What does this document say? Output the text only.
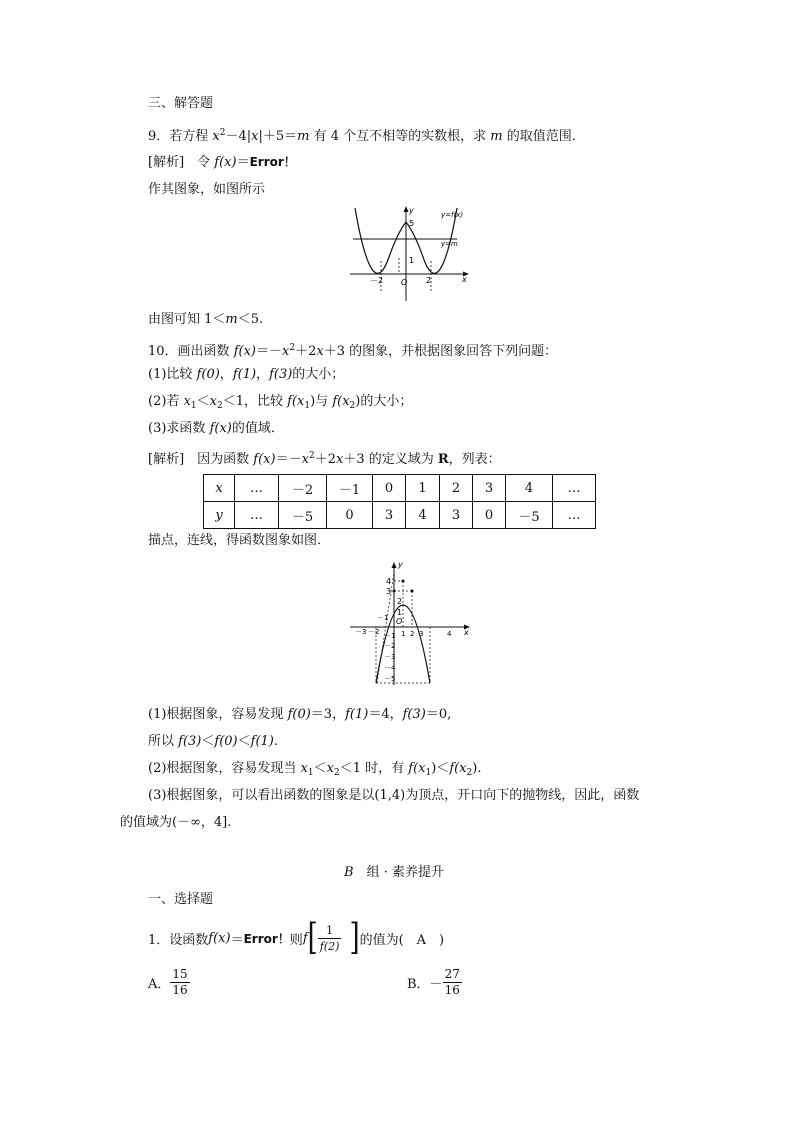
三、解答题
9．若方程 $x^2-4|x|+5=m$ 有 4 个互不相等的实数根，求 m 的取值范围．
[解析]　令 f(x)＝Error！
作其图象，如图所示
y
5
1
y=f(x)
y=m
－2	2
O	x
由图可知 1＜m＜5.
10．画出函数 $f(x)=-x^2+2x+3$ 的图象，并根据图象回答下列问题：
(1)比较 f(0)，f(1)，f(3)的大小；
(2)若 $x_1<x_2<1$，比较 $f(x_1)$与 $f(x_2)$的大小；
(3)求函数 f(x)的值域．
[解析]　因为函数 $f(x)=-x^2+2x+3$ 的定义域为 R，列表：
x	…	－2	－1	0	1	2	3	4	…
y	…	－5	0	3	4	3	0	－5	…
描点，连线，得函数图象如图．
y
x
O
4
3
2
1
－1
－1
－2
－3
－4
－5
－3 －2	1 2 3	4
(1)根据图象，容易发现 f(0)＝3，f(1)＝4，f(3)＝0,
所以 f(3)＜f(0)＜f(1).
(2)根据图象，容易发现当 $x_1<x_2<1$ 时，有 $f(x_1)<f(x_2)$.
(3)根据图象，可以看出函数的图象是以(1,4)为顶点，开口向下的抛物线，因此，函数
的值域为(－∞，4].
B　组 · 素养提升
一、选择题
1．设函数 f(x) ＝ Error！ 则 f [ $\frac{1}{f(2)}$ ] 的值为(　A　)
A． $\frac{15}{16}$	B．－ $\frac{27}{16}$
